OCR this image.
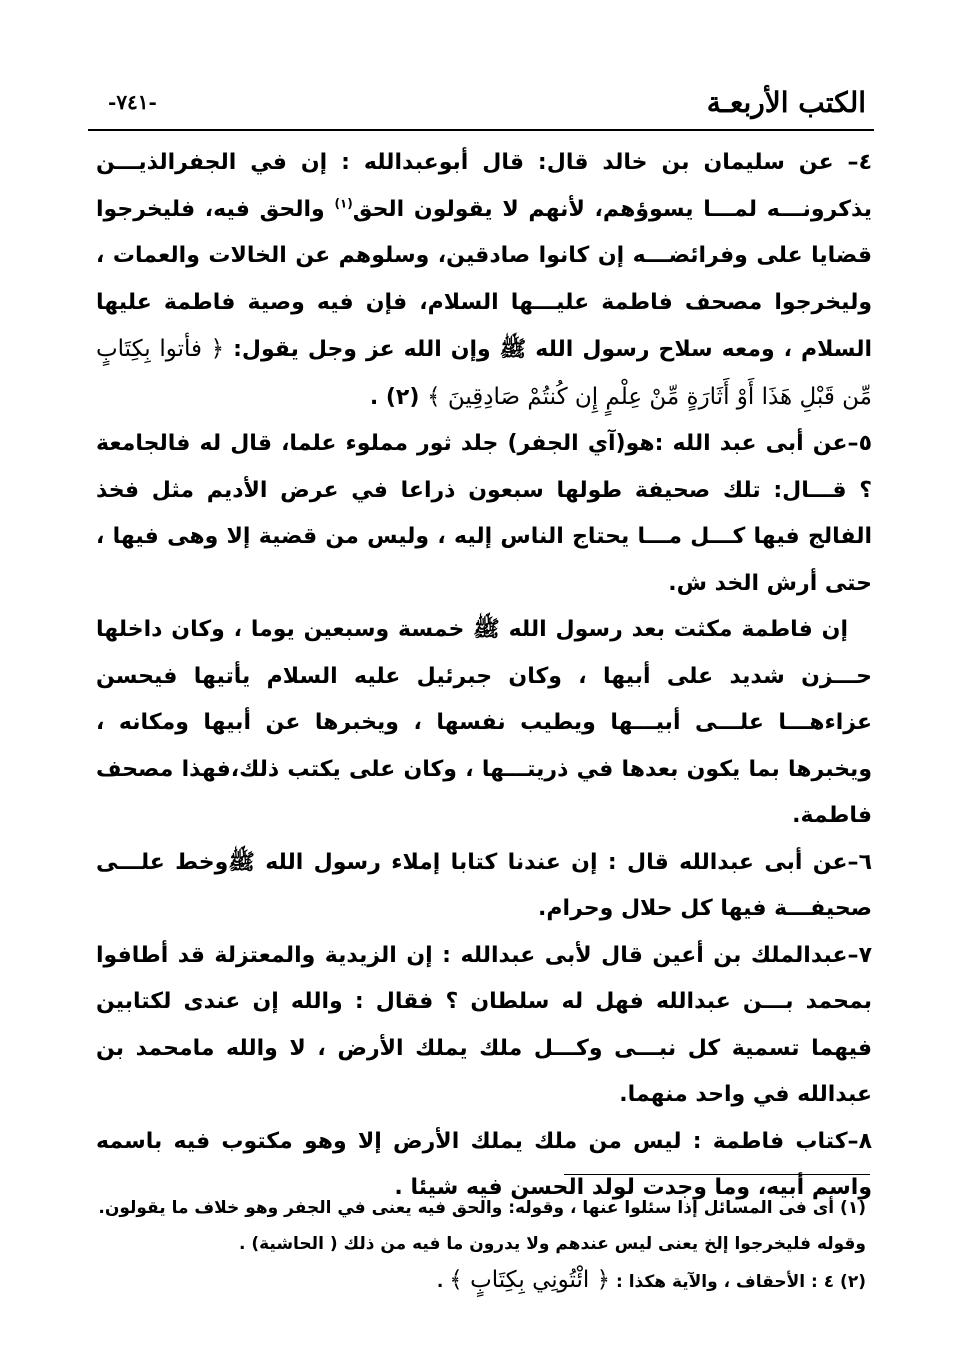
الكتب الأربعـة
-٧٤١-

٤– عن سليمان بن خالد قال: قال أبوعبدالله : إن في الجفرالذيـــن يذكرونـــه لمـــا يسوؤهم، لأنهم لا يقولون الحق$^{(١)}$ والحق فيه، فليخرجوا قضايا على وفرائضـــه إن كانوا صادقين، وسلوهم عن الخالات والعمات ، وليخرجوا مصحف فاطمة عليـــها السلام، فإن فيه وصية فاطمة عليها السلام ، ومعه سلاح رسول الله ﷺ وإن الله عز وجل يقول: ﴿ فأتوا بِكِتَابٍ مِّن قَبْلِ هَذَا أَوْ أَثَارَةٍ مِّنْ عِلْمٍ إِن كُنتُمْ صَادِقِينَ ﴾ (٢) .

٥–عن أبى عبد الله :هو(آي الجفر) جلد ثور مملوء علما، قال له فالجامعة ؟ قـــال: تلك صحيفة طولها سبعون ذراعا في عرض الأديم مثل فخذ الفالج فيها كـــل مـــا يحتاج الناس إليه ، وليس من قضية إلا وهى فيها ، حتى أرش الخد ش.

إن فاطمة مكثت بعد رسول الله ﷺ خمسة وسبعين يوما ، وكان داخلها حـــزن شديد على أبيها ، وكان جبرئيل عليه السلام يأتيها فيحسن عزاءهـــا علـــى أبيـــها ويطيب نفسها ، ويخبرها عن أبيها ومكانه ، ويخبرها بما يكون بعدها في ذريتـــها ، وكان على يكتب ذلك،فهذا مصحف فاطمة.

٦–عن أبى عبدالله قال : إن عندنا كتابا إملاء رسول الله ﷺوخط علـــى صحيفـــة فيها كل حلال وحرام.

٧–عبدالملك بن أعين قال لأبى عبدالله : إن الزيدية والمعتزلة قد أطافوا بمحمد بـــن عبدالله فهل له سلطان ؟ فقال : والله إن عندى لكتابين فيهما تسمية كل نبـــى وكـــل ملك يملك الأرض ، لا والله مامحمد بن عبدالله في واحد منهما.

٨–كتاب فاطمة : ليس من ملك يملك الأرض إلا وهو مكتوب فيه باسمه واسم أبيه، وما وجدت لولد الحسن فيه شيئا .

(١) أى فى المسائل إذا سئلوا عنها ، وقوله: والحق فيه يعنى في الجفر وهو خلاف ما يقولون. وقوله فليخرجوا إلخ يعنى ليس عندهم ولا يدرون ما فيه من ذلك ( الحاشية) .

(٢) ٤ : الأحقاف ، والآية هكذا : ﴿ ائْتُونِي بِكِتَابٍ ﴾ .
